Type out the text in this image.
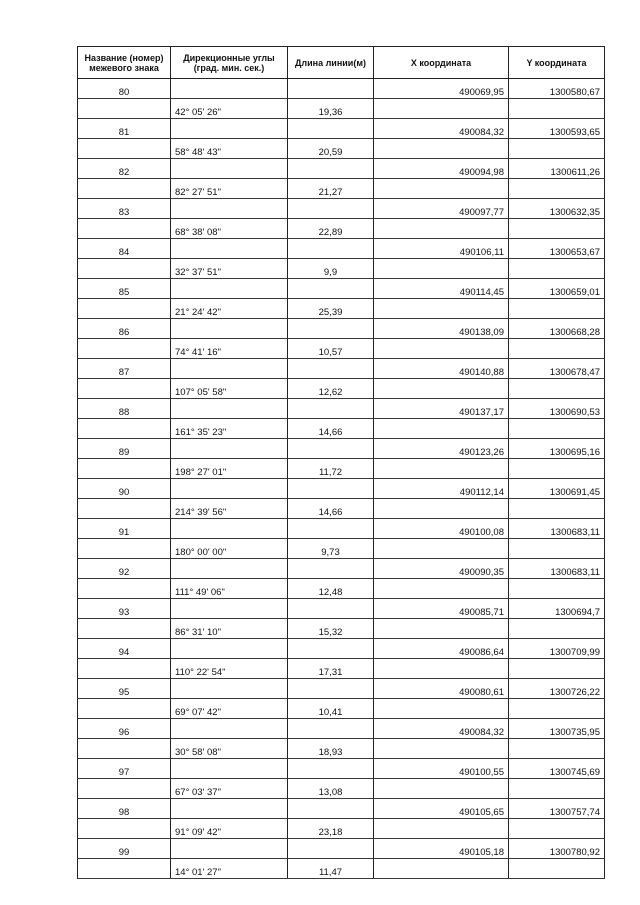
Название (номер) межевого знака	Дирекционные углы (град. мин. сек.)	Длина линии(м)	X координата	Y координата
80			490069,95	1300580,67
	42° 05' 26"	19,36		
81			490084,32	1300593,65
	58° 48' 43"	20,59		
82			490094,98	1300611,26
	82° 27' 51"	21,27		
83			490097,77	1300632,35
	68° 38' 08"	22,89		
84			490106,11	1300653,67
	32° 37' 51"	9,9		
85			490114,45	1300659,01
	21° 24' 42"	25,39		
86			490138,09	1300668,28
	74° 41' 16"	10,57		
87			490140,88	1300678,47
	107° 05' 58"	12,62		
88			490137,17	1300690,53
	161° 35' 23"	14,66		
89			490123,26	1300695,16
	198° 27' 01"	11,72		
90			490112,14	1300691,45
	214° 39' 56"	14,66		
91			490100,08	1300683,11
	180° 00' 00"	9,73		
92			490090,35	1300683,11
	111° 49' 06"	12,48		
93			490085,71	1300694,7
	86° 31' 10"	15,32		
94			490086,64	1300709,99
	110° 22' 54"	17,31		
95			490080,61	1300726,22
	69° 07' 42"	10,41		
96			490084,32	1300735,95
	30° 58' 08"	18,93		
97			490100,55	1300745,69
	67° 03' 37"	13,08		
98			490105,65	1300757,74
	91° 09' 42"	23,18		
99			490105,18	1300780,92
	14° 01' 27"	11,47		
